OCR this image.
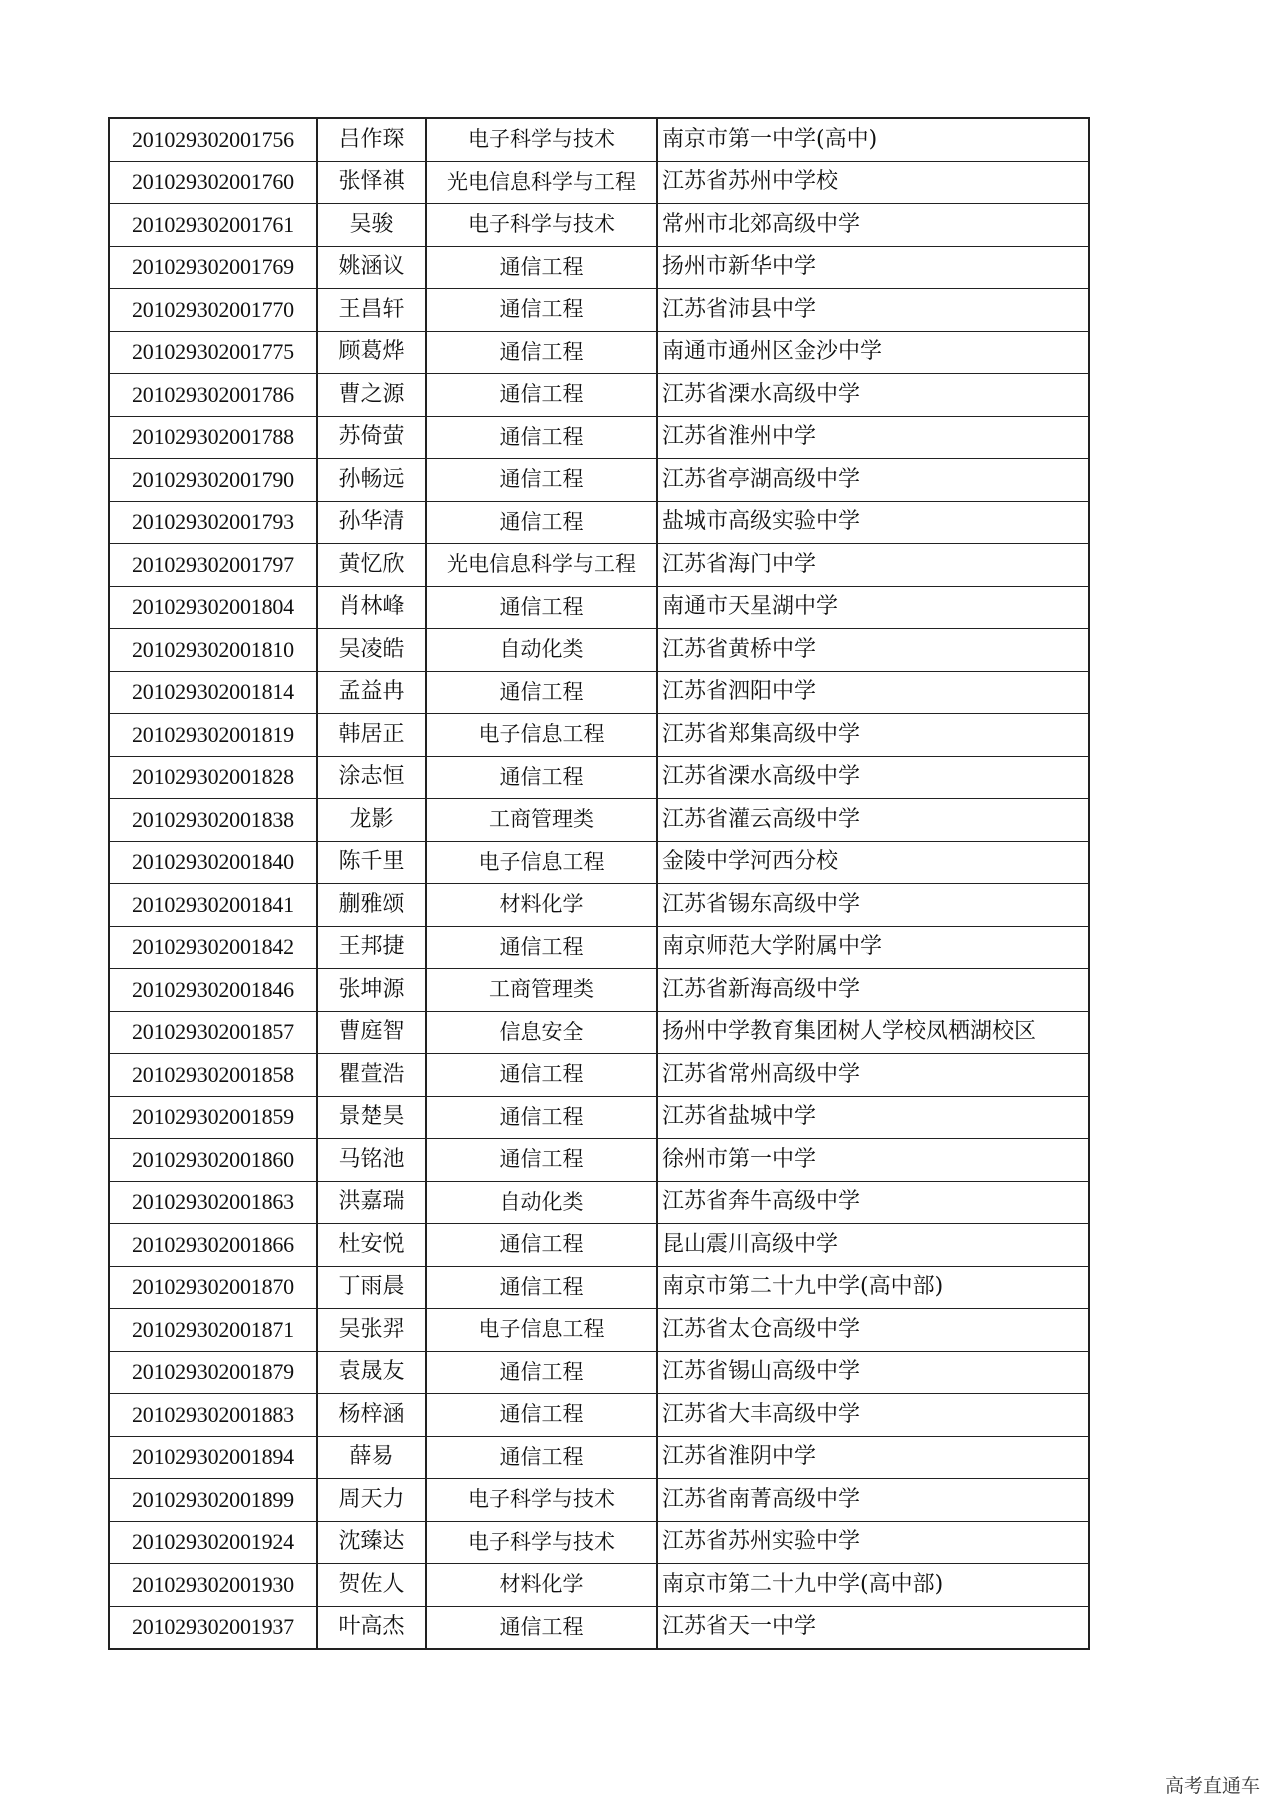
201029302001756	吕作琛	电子科学与技术	南京市第一中学(高中)
201029302001760	张怿祺	光电信息科学与工程	江苏省苏州中学校
201029302001761	吴骏	电子科学与技术	常州市北郊高级中学
201029302001769	姚涵议	通信工程	扬州市新华中学
201029302001770	王昌轩	通信工程	江苏省沛县中学
201029302001775	顾葛烨	通信工程	南通市通州区金沙中学
201029302001786	曹之源	通信工程	江苏省溧水高级中学
201029302001788	苏倚萤	通信工程	江苏省淮州中学
201029302001790	孙畅远	通信工程	江苏省亭湖高级中学
201029302001793	孙华清	通信工程	盐城市高级实验中学
201029302001797	黄忆欣	光电信息科学与工程	江苏省海门中学
201029302001804	肖林峰	通信工程	南通市天星湖中学
201029302001810	吴凌皓	自动化类	江苏省黄桥中学
201029302001814	孟益冉	通信工程	江苏省泗阳中学
201029302001819	韩居正	电子信息工程	江苏省郑集高级中学
201029302001828	涂志恒	通信工程	江苏省溧水高级中学
201029302001838	龙影	工商管理类	江苏省灌云高级中学
201029302001840	陈千里	电子信息工程	金陵中学河西分校
201029302001841	蒯雅颂	材料化学	江苏省锡东高级中学
201029302001842	王邦捷	通信工程	南京师范大学附属中学
201029302001846	张坤源	工商管理类	江苏省新海高级中学
201029302001857	曹庭智	信息安全	扬州中学教育集团树人学校凤栖湖校区
201029302001858	瞿萱浩	通信工程	江苏省常州高级中学
201029302001859	景楚昊	通信工程	江苏省盐城中学
201029302001860	马铭池	通信工程	徐州市第一中学
201029302001863	洪嘉瑞	自动化类	江苏省奔牛高级中学
201029302001866	杜安悦	通信工程	昆山震川高级中学
201029302001870	丁雨晨	通信工程	南京市第二十九中学(高中部)
201029302001871	吴张羿	电子信息工程	江苏省太仓高级中学
201029302001879	袁晟友	通信工程	江苏省锡山高级中学
201029302001883	杨梓涵	通信工程	江苏省大丰高级中学
201029302001894	薛易	通信工程	江苏省淮阴中学
201029302001899	周天力	电子科学与技术	江苏省南菁高级中学
201029302001924	沈臻达	电子科学与技术	江苏省苏州实验中学
201029302001930	贺佐人	材料化学	南京市第二十九中学(高中部)
201029302001937	叶高杰	通信工程	江苏省天一中学
高考直通车
